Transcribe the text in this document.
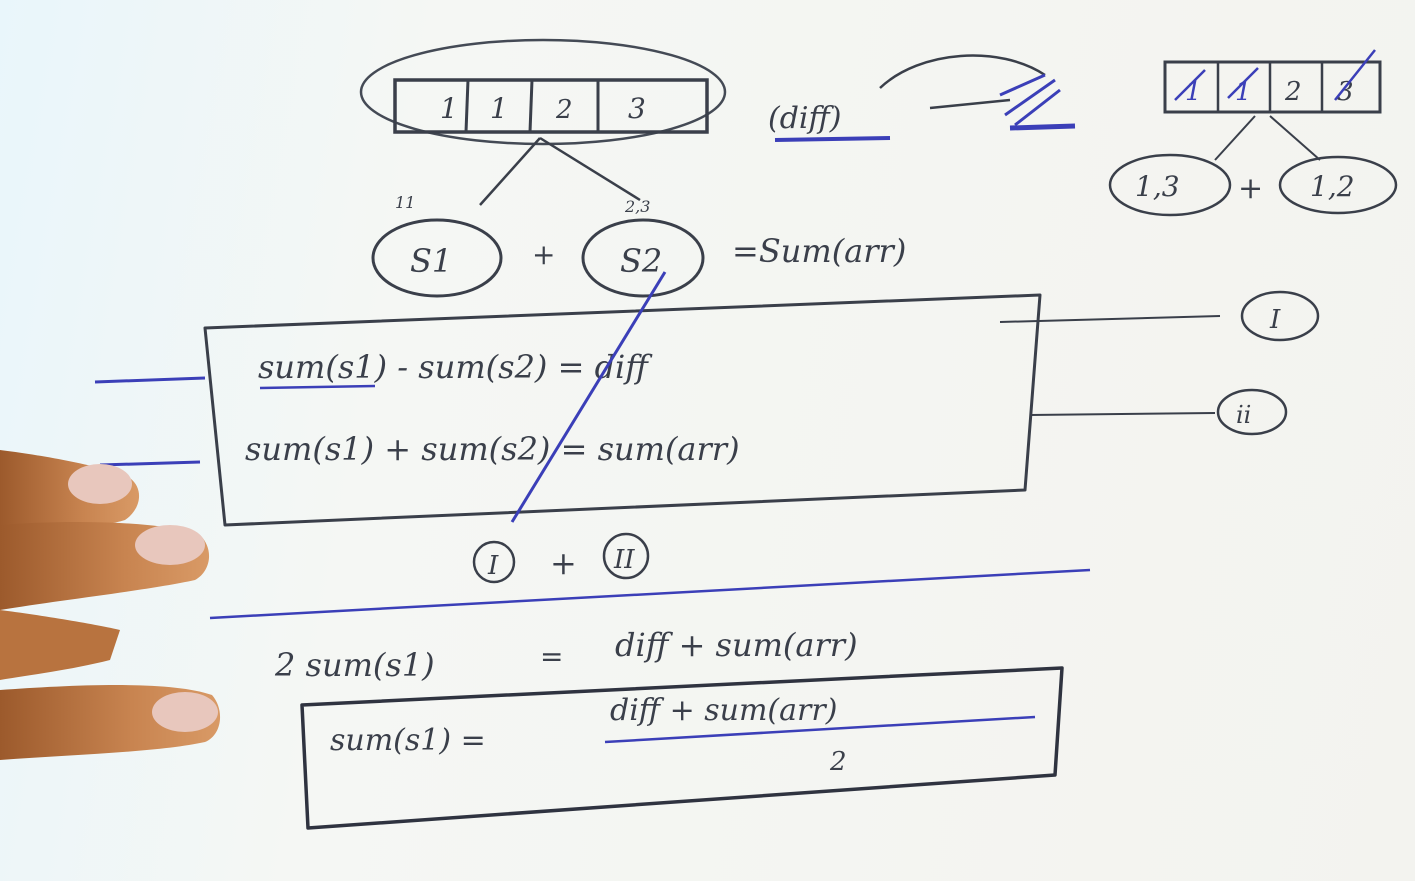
1 1 2 3	(diff)
1 1 2 3
1,3 + 1,2
11	2,3
S1	+ S2 =Sum(arr)
sum(s1) - sum(s2) = diff
sum(s1) + sum(s2) = sum(arr)
I
ii
I + II
2 sum(s1)	= diff + sum(arr)
sum(s1) =
diff + sum(arr)
2
